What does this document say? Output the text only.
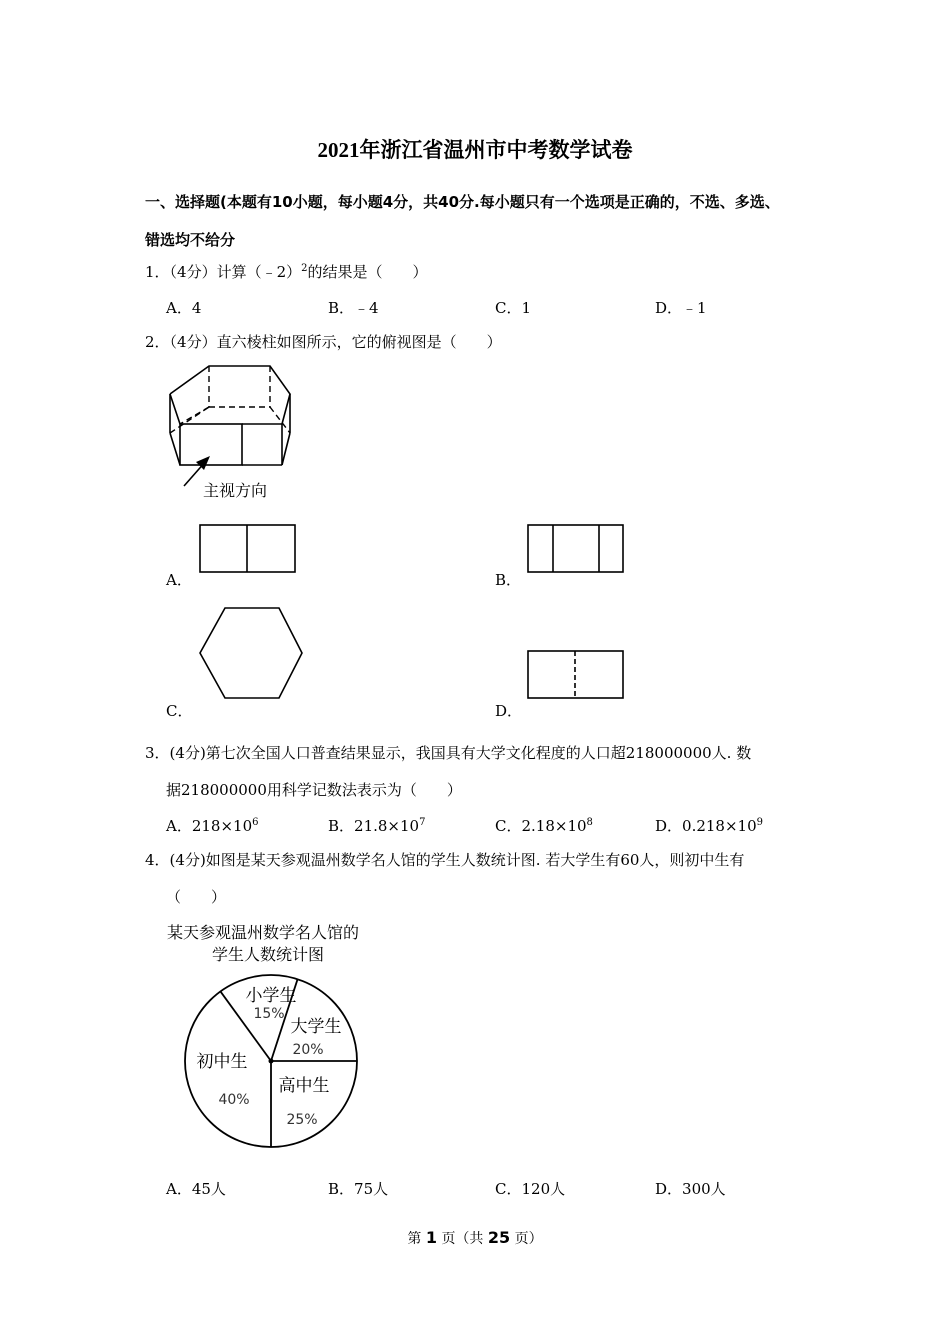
2021年浙江省温州市中考数学试卷
一、选择题(本题有10小题，每小题4分，共40分.每小题只有一个选项是正确的，不选、多选、
错选均不给分
1．（4分）计算（﹣2）$^2$的结果是（　　）
A．4	B．﹣4	C．1	D．﹣1
2．（4分）直六棱柱如图所示，它的俯视图是（　　）
主视方向
A．	B．
C．	D．
3．(4分)第七次全国人口普查结果显示，我国具有大学文化程度的人口超218000000人. 数
据218000000用科学记数法表示为（　　）
A．$218\times 10^6$	B．$21.8\times 10^7$	C．$2.18\times 10^8$	D．$0.218\times 10^9$
4．(4分)如图是某天参观温州数学名人馆的学生人数统计图. 若大学生有60人，则初中生有
（　　）
某天参观温州数学名人馆的
学生人数统计图
高中生
25%
初中生
40%
小学生
15%
大学生
20%
A．45人	B．75人	C．120人	D．300人
第 1 页（共 25 页）
